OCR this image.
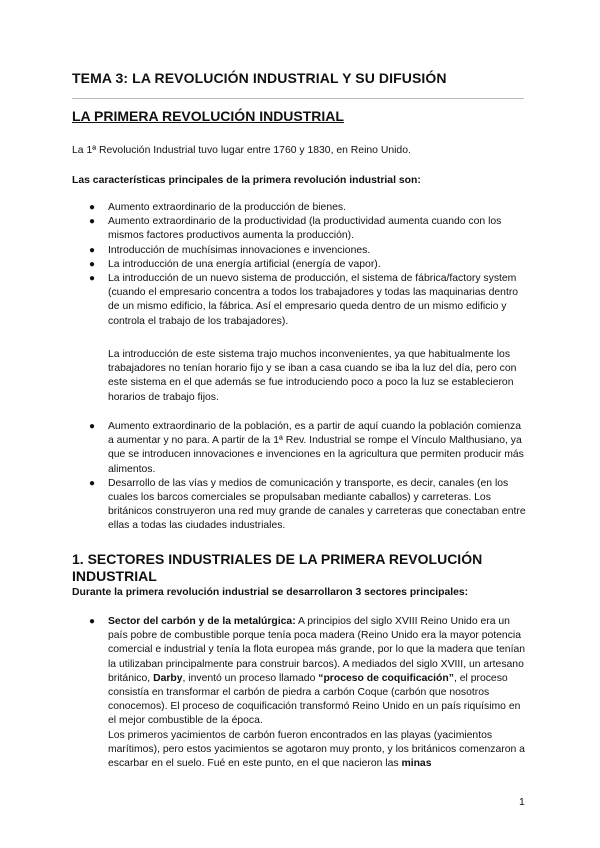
TEMA 3: LA REVOLUCIÓN INDUSTRIAL Y SU DIFUSIÓN
LA PRIMERA REVOLUCIÓN INDUSTRIAL
La 1ª Revolución Industrial tuvo lugar entre 1760 y 1830, en Reino Unido.
Las características principales de la primera revolución industrial son:
● Aumento extraordinario de la producción de bienes.
● Aumento extraordinario de la productividad (la productividad aumenta cuando con los mismos factores productivos aumenta la producción).
● Introducción de muchísimas innovaciones e invenciones.
● La introducción de una energía artificial (energía de vapor).
● La introducción de un nuevo sistema de producción, el sistema de fábrica/factory system (cuando el empresario concentra a todos los trabajadores y todas las maquinarias dentro de un mismo edificio, la fábrica. Así el empresario queda dentro de un mismo edificio y controla el trabajo de los trabajadores).
La introducción de este sistema trajo muchos inconvenientes, ya que habitualmente los trabajadores no tenían horario fijo y se iban a casa cuando se iba la luz del día, pero con este sistema en el que además se fue introduciendo poco a poco la luz se establecieron horarios de trabajo fijos.
● Aumento extraordinario de la población, es a partir de aquí cuando la población comienza a aumentar y no para. A partir de la 1ª Rev. Industrial se rompe el Vínculo Malthusiano, ya que se introducen innovaciones e invenciones en la agricultura que permiten producir más alimentos.
● Desarrollo de las vías y medios de comunicación y transporte, es decir, canales (en los cuales los barcos comerciales se propulsaban mediante caballos) y carreteras. Los británicos construyeron una red muy grande de canales y carreteras que conectaban entre ellas a todas las ciudades industriales.
1. SECTORES INDUSTRIALES DE LA PRIMERA REVOLUCIÓN INDUSTRIAL
Durante la primera revolución industrial se desarrollaron 3 sectores principales:
● Sector del carbón y de la metalúrgica: A principios del siglo XVIII Reino Unido era un país pobre de combustible porque tenía poca madera (Reino Unido era la mayor potencia comercial e industrial y tenía la flota europea más grande, por lo que la madera que tenían la utilizaban principalmente para construir barcos). A mediados del siglo XVIII, un artesano británico, Darby, inventó un proceso llamado “proceso de coquificación”, el proceso consistía en transformar el carbón de piedra a carbón Coque (carbón que nosotros conocemos). El proceso de coquificación transformó Reino Unido en un país riquísimo en el mejor combustible de la época.
Los primeros yacimientos de carbón fueron encontrados en las playas (yacimientos marítimos), pero estos yacimientos se agotaron muy pronto, y los británicos comenzaron a escarbar en el suelo. Fué en este punto, en el que nacieron las minas
1
